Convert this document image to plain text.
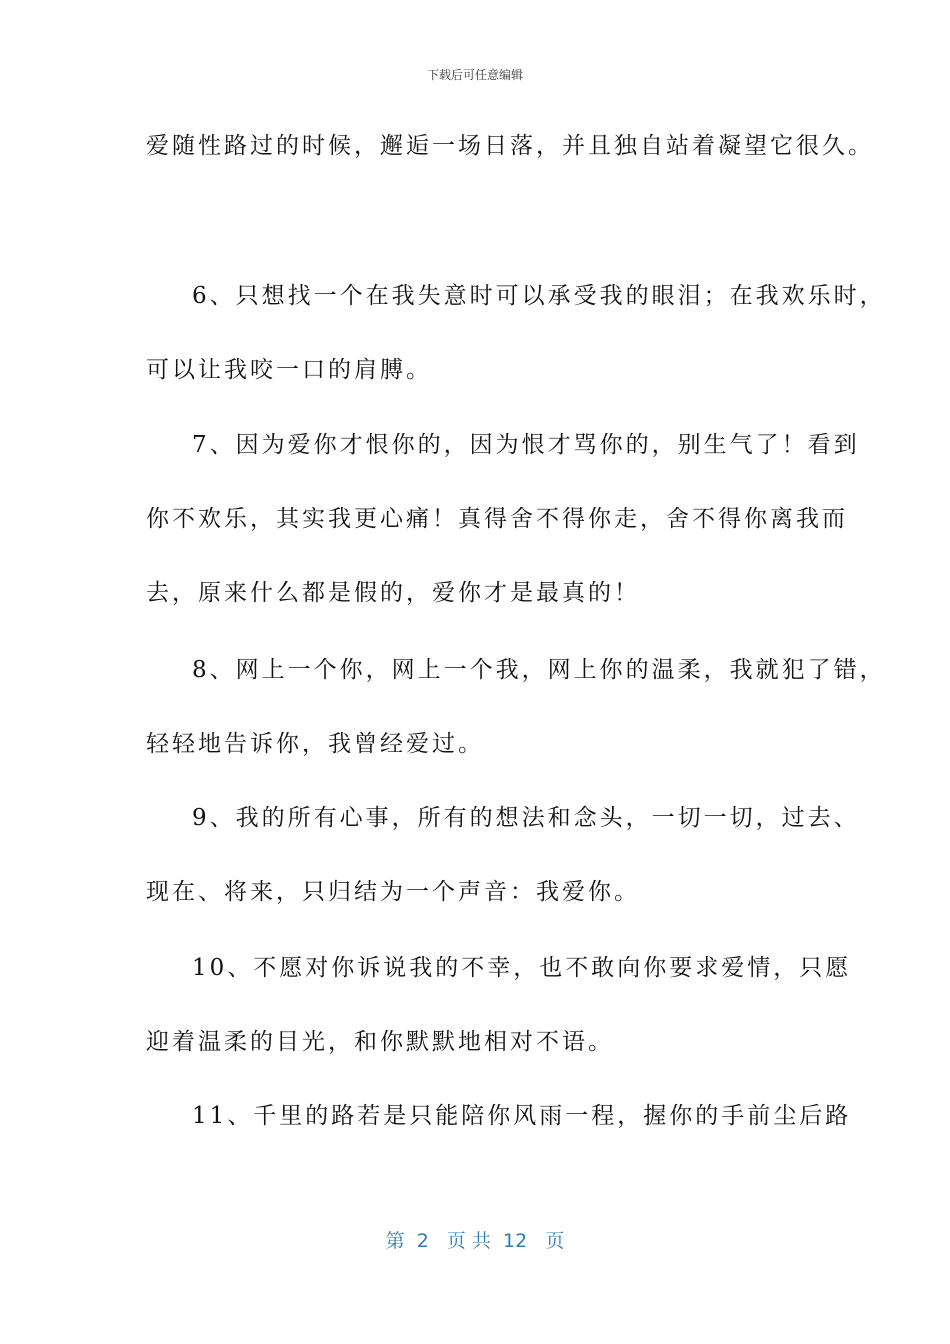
下载后可任意编辑
爱随性路过的时候，邂逅一场日落，并且独自站着凝望它很久。
6、只想找一个在我失意时可以承受我的眼泪；在我欢乐时，
可以让我咬一口的肩膊。
7、因为爱你才恨你的，因为恨才骂你的，别生气了！看到
你不欢乐，其实我更心痛！真得舍不得你走，舍不得你离我而
去，原来什么都是假的，爱你才是最真的！
8、网上一个你，网上一个我，网上你的温柔，我就犯了错，
轻轻地告诉你，我曾经爱过。
9、我的所有心事，所有的想法和念头，一切一切，过去、
现在、将来，只归结为一个声音：我爱你。
10、不愿对你诉说我的不幸，也不敢向你要求爱情，只愿
迎着温柔的目光，和你默默地相对不语。
11、千里的路若是只能陪你风雨一程，握你的手前尘后路
第  2   页 共  12   页
